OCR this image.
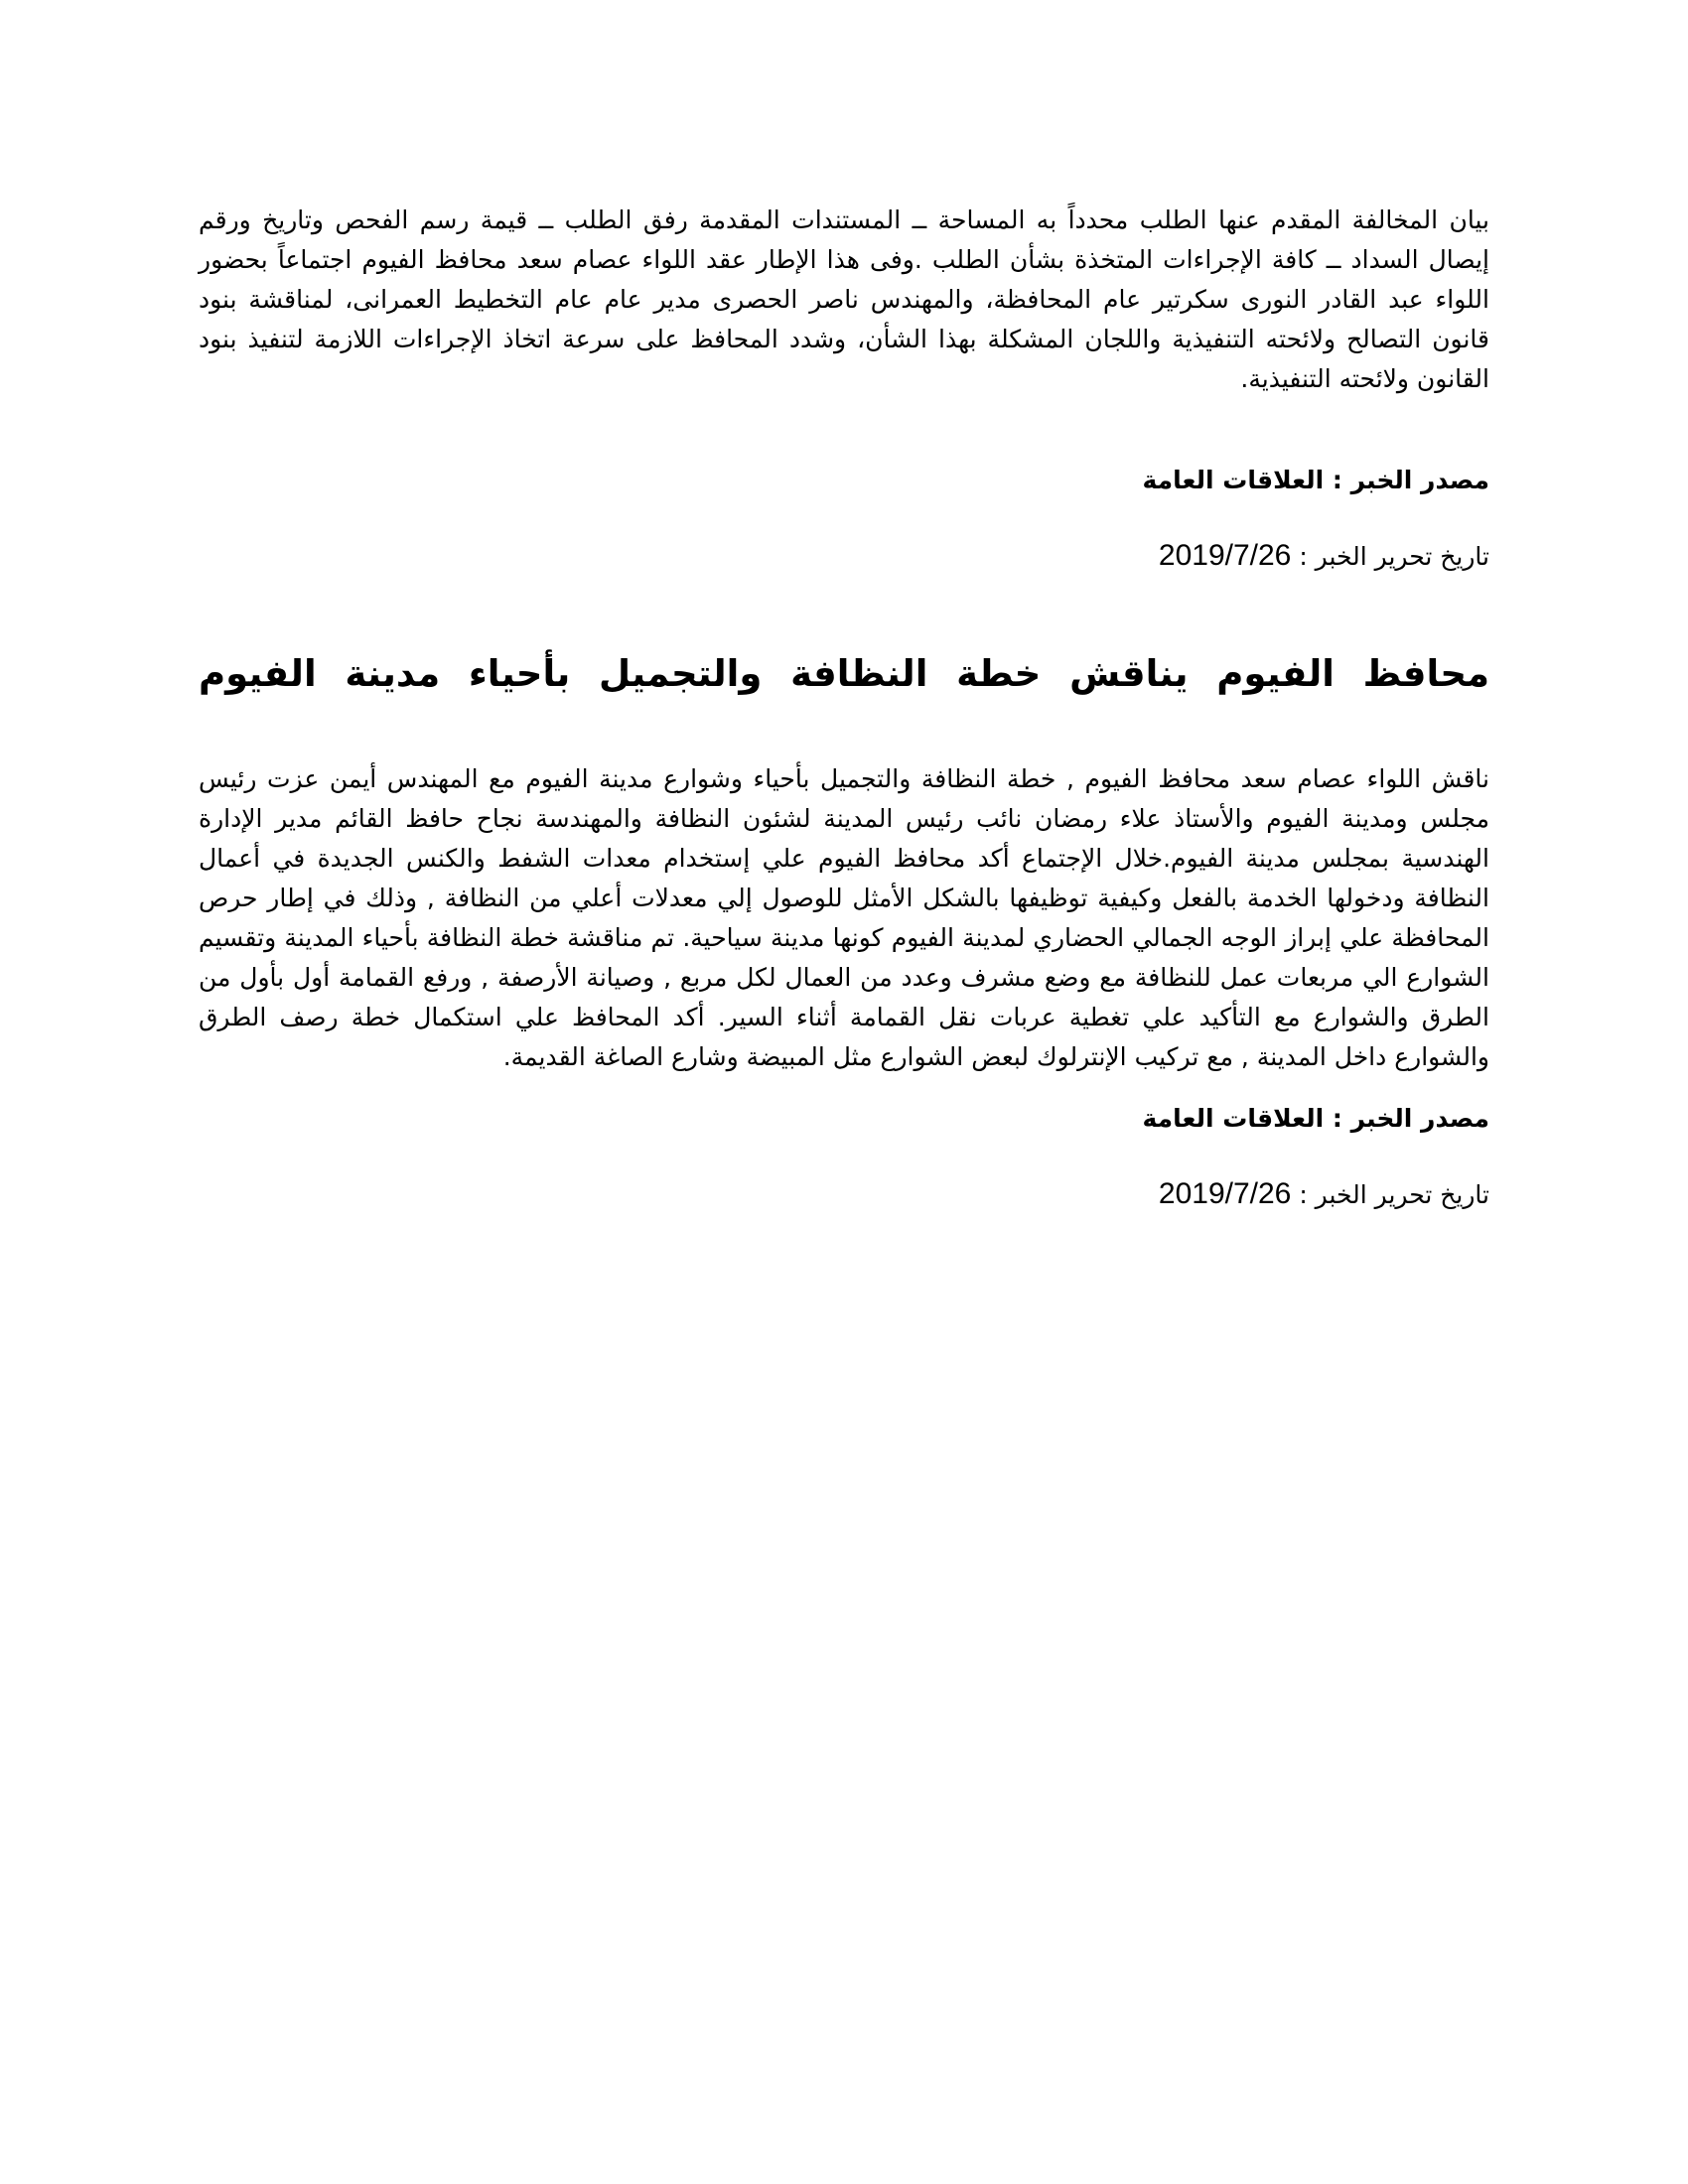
بيان المخالفة المقدم عنها الطلب محدداً به المساحة ــ المستندات المقدمة رفق الطلب ــ قيمة رسم الفحص وتاريخ ورقم إيصال السداد ــ كافة الإجراءات المتخذة بشأن الطلب .وفى هذا الإطار عقد اللواء عصام سعد محافظ الفيوم اجتماعاً بحضور اللواء عبد القادر النورى سكرتير عام المحافظة، والمهندس ناصر الحصرى مدير عام عام التخطيط العمرانى، لمناقشة بنود قانون التصالح ولائحته التنفيذية واللجان المشكلة بهذا الشأن، وشدد المحافظ على سرعة اتخاذ الإجراءات اللازمة لتنفيذ بنود القانون ولائحته التنفيذية.

مصدر الخبر : العلاقات العامة

تاريخ تحرير الخبر : 2019/7/26

محافظ الفيوم يناقش خطة النظافة والتجميل بأحياء مدينة الفيوم

ناقش اللواء عصام سعد محافظ الفيوم , خطة النظافة والتجميل بأحياء وشوارع مدينة الفيوم مع المهندس أيمن عزت رئيس مجلس ومدينة الفيوم والأستاذ علاء رمضان نائب رئيس المدينة لشئون النظافة والمهندسة نجاح حافظ القائم مدير الإدارة الهندسية بمجلس مدينة الفيوم.خلال الإجتماع أكد محافظ الفيوم علي إستخدام معدات الشفط والكنس الجديدة في أعمال النظافة ودخولها الخدمة بالفعل وكيفية توظيفها بالشكل الأمثل للوصول إلي معدلات أعلي من النظافة , وذلك في إطار حرص المحافظة علي إبراز الوجه الجمالي الحضاري لمدينة الفيوم كونها مدينة سياحية. تم مناقشة خطة النظافة بأحياء المدينة وتقسيم الشوارع الي مربعات عمل للنظافة مع وضع مشرف وعدد من العمال لكل مربع , وصيانة الأرصفة , ورفع القمامة أول بأول من الطرق والشوارع مع التأكيد علي تغطية عربات نقل القمامة أثناء السير. أكد المحافظ علي استكمال خطة رصف الطرق والشوارع داخل المدينة , مع تركيب الإنترلوك لبعض الشوارع مثل المبيضة وشارع الصاغة القديمة.

مصدر الخبر : العلاقات العامة

تاريخ تحرير الخبر : 2019/7/26
